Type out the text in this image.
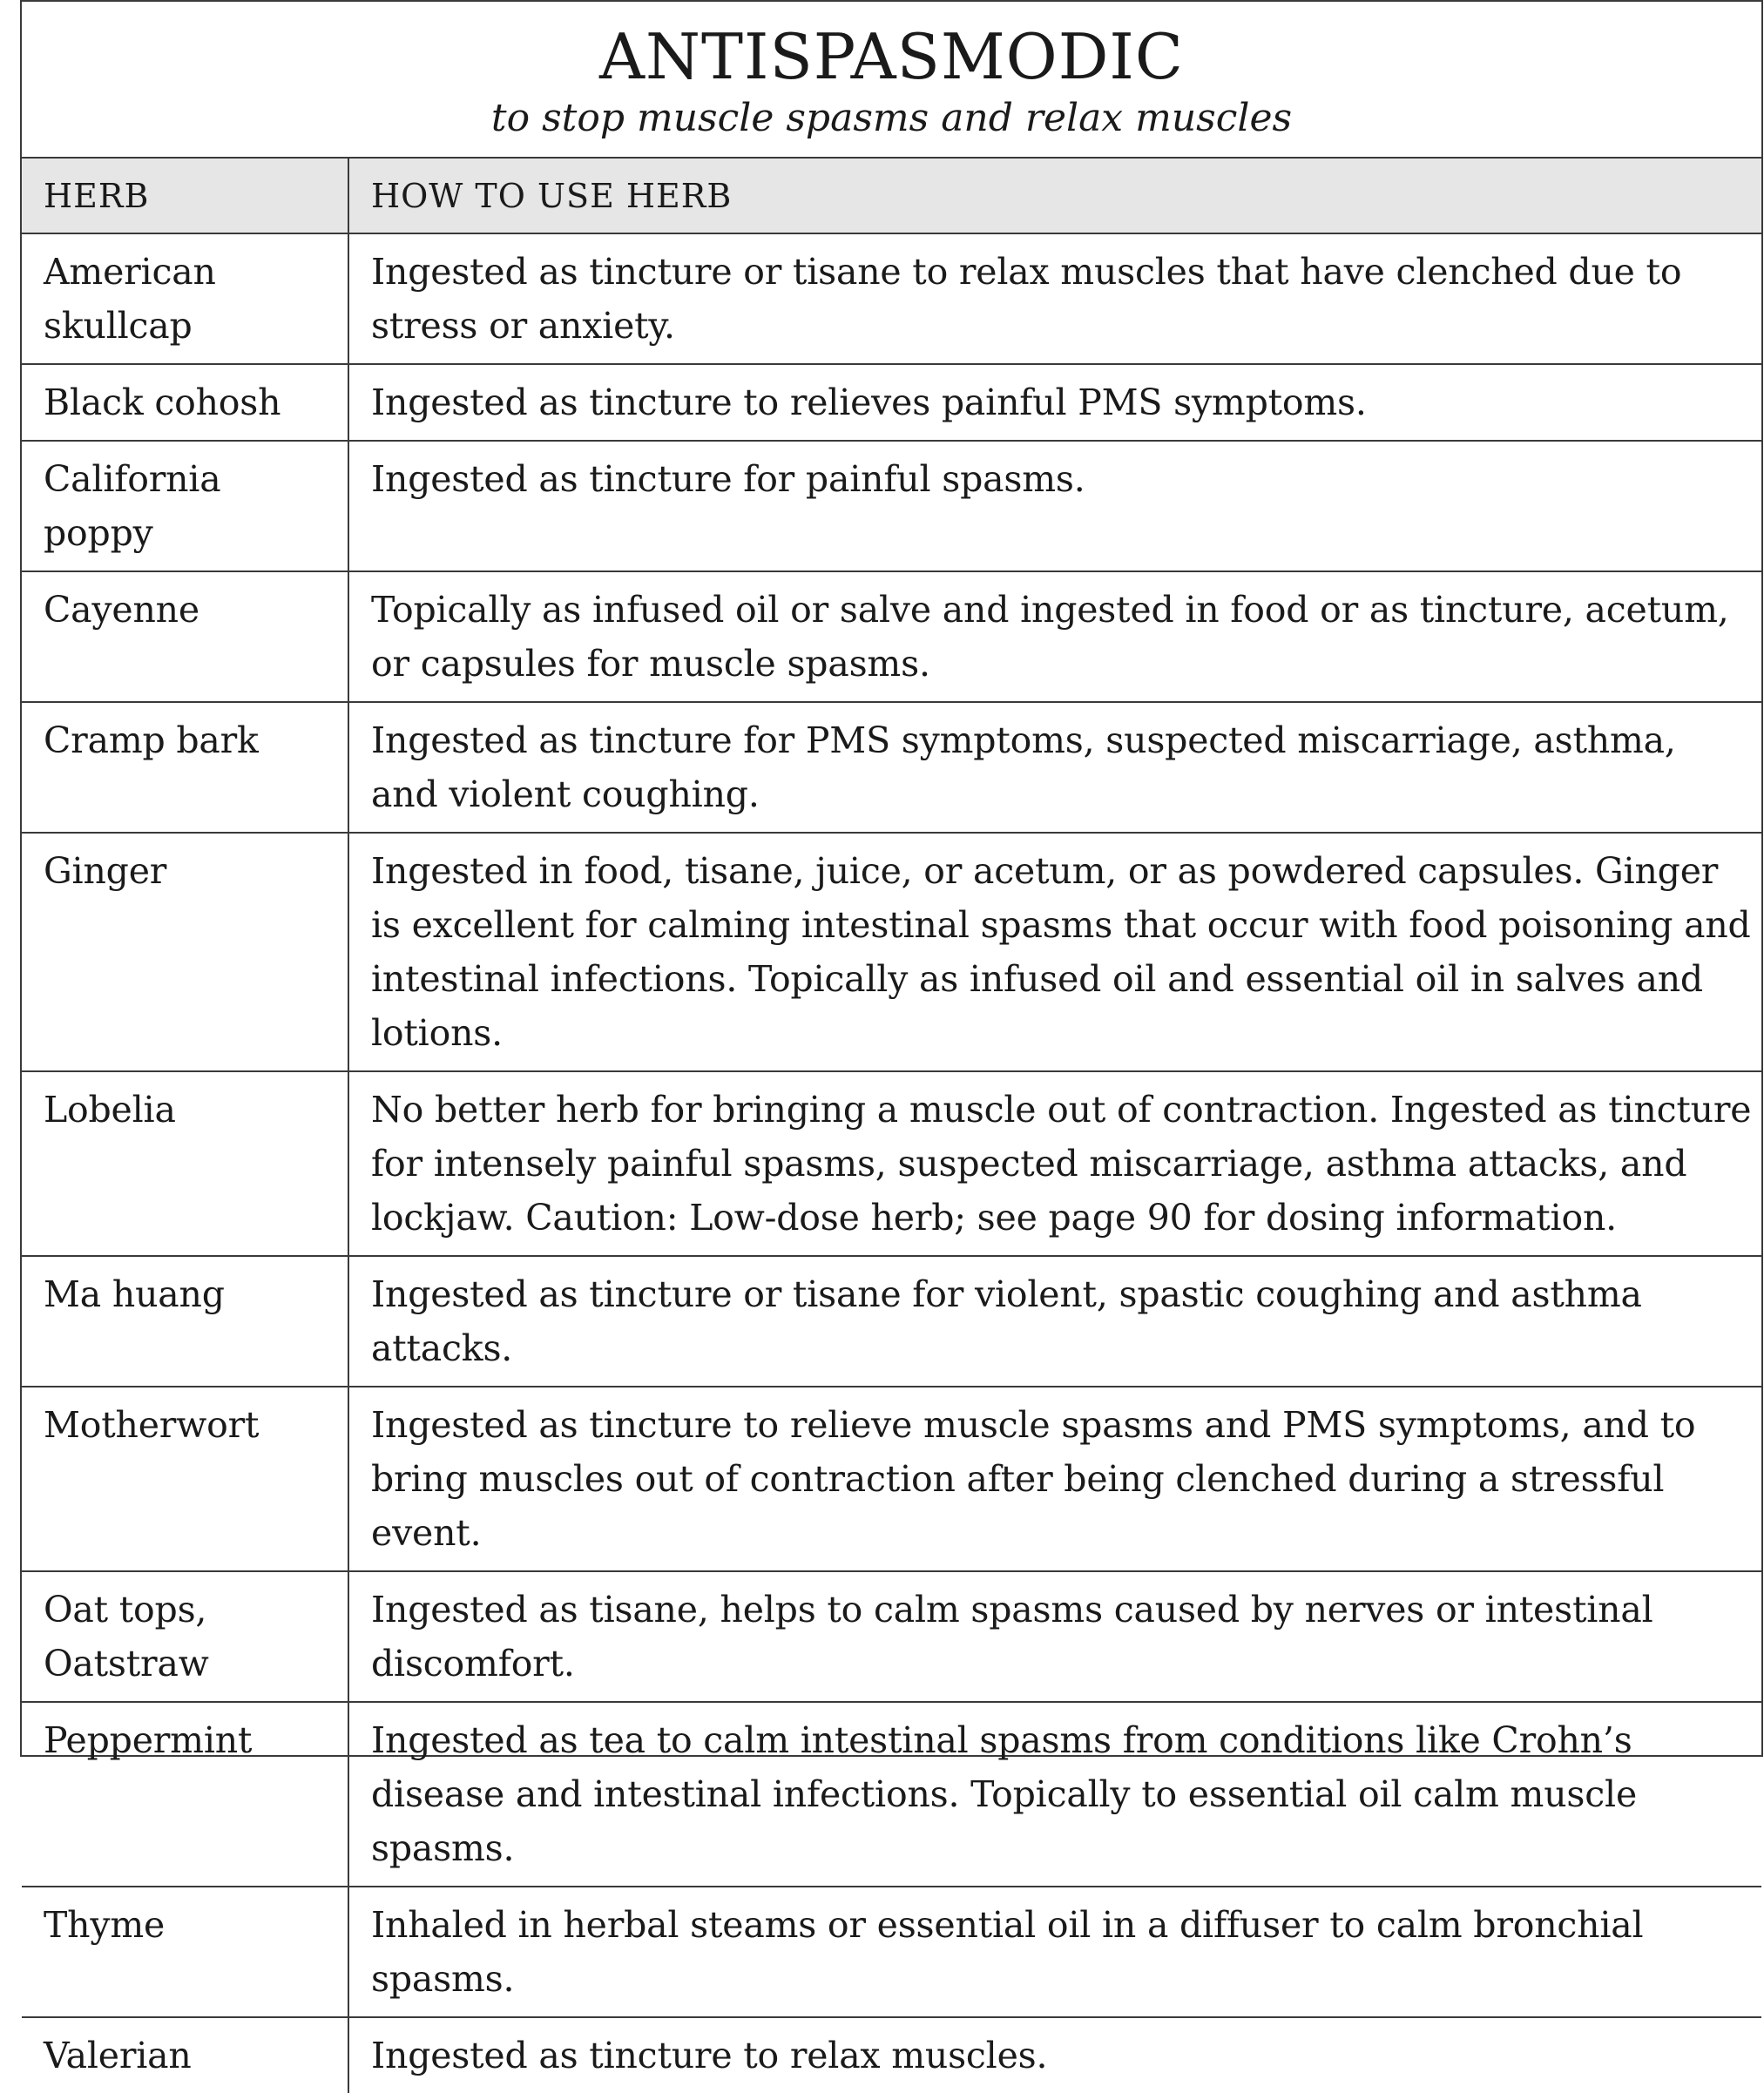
ANTISPASMODIC
to stop muscle spasms and relax muscles
HERB	HOW TO USE HERB
American skullcap	Ingested as tincture or tisane to relax muscles that have clenched due to stress or anxiety.
Black cohosh	Ingested as tincture to relieves painful PMS symptoms.
California poppy	Ingested as tincture for painful spasms.
Cayenne	Topically as infused oil or salve and ingested in food or as tincture, acetum, or capsules for muscle spasms.
Cramp bark	Ingested as tincture for PMS symptoms, suspected miscarriage, asthma, and violent coughing.
Ginger	Ingested in food, tisane, juice, or acetum, or as powdered capsules. Ginger is excellent for calming intestinal spasms that occur with food poisoning and intestinal infections. Topically as infused oil and essential oil in salves and lotions.
Lobelia	No better herb for bringing a muscle out of contraction. Ingested as tincture for intensely painful spasms, suspected miscarriage, asthma attacks, and lockjaw. Caution: Low-dose herb; see page 90 for dosing information.
Ma huang	Ingested as tincture or tisane for violent, spastic coughing and asthma attacks.
Motherwort	Ingested as tincture to relieve muscle spasms and PMS symptoms, and to bring muscles out of contraction after being clenched during a stressful event.
Oat tops, Oatstraw	Ingested as tisane, helps to calm spasms caused by nerves or intestinal discomfort.
Peppermint	Ingested as tea to calm intestinal spasms from conditions like Crohn’s disease and intestinal infections. Topically to essential oil calm muscle spasms.
Thyme	Inhaled in herbal steams or essential oil in a diffuser to calm bronchial spasms.
Valerian	Ingested as tincture to relax muscles.
